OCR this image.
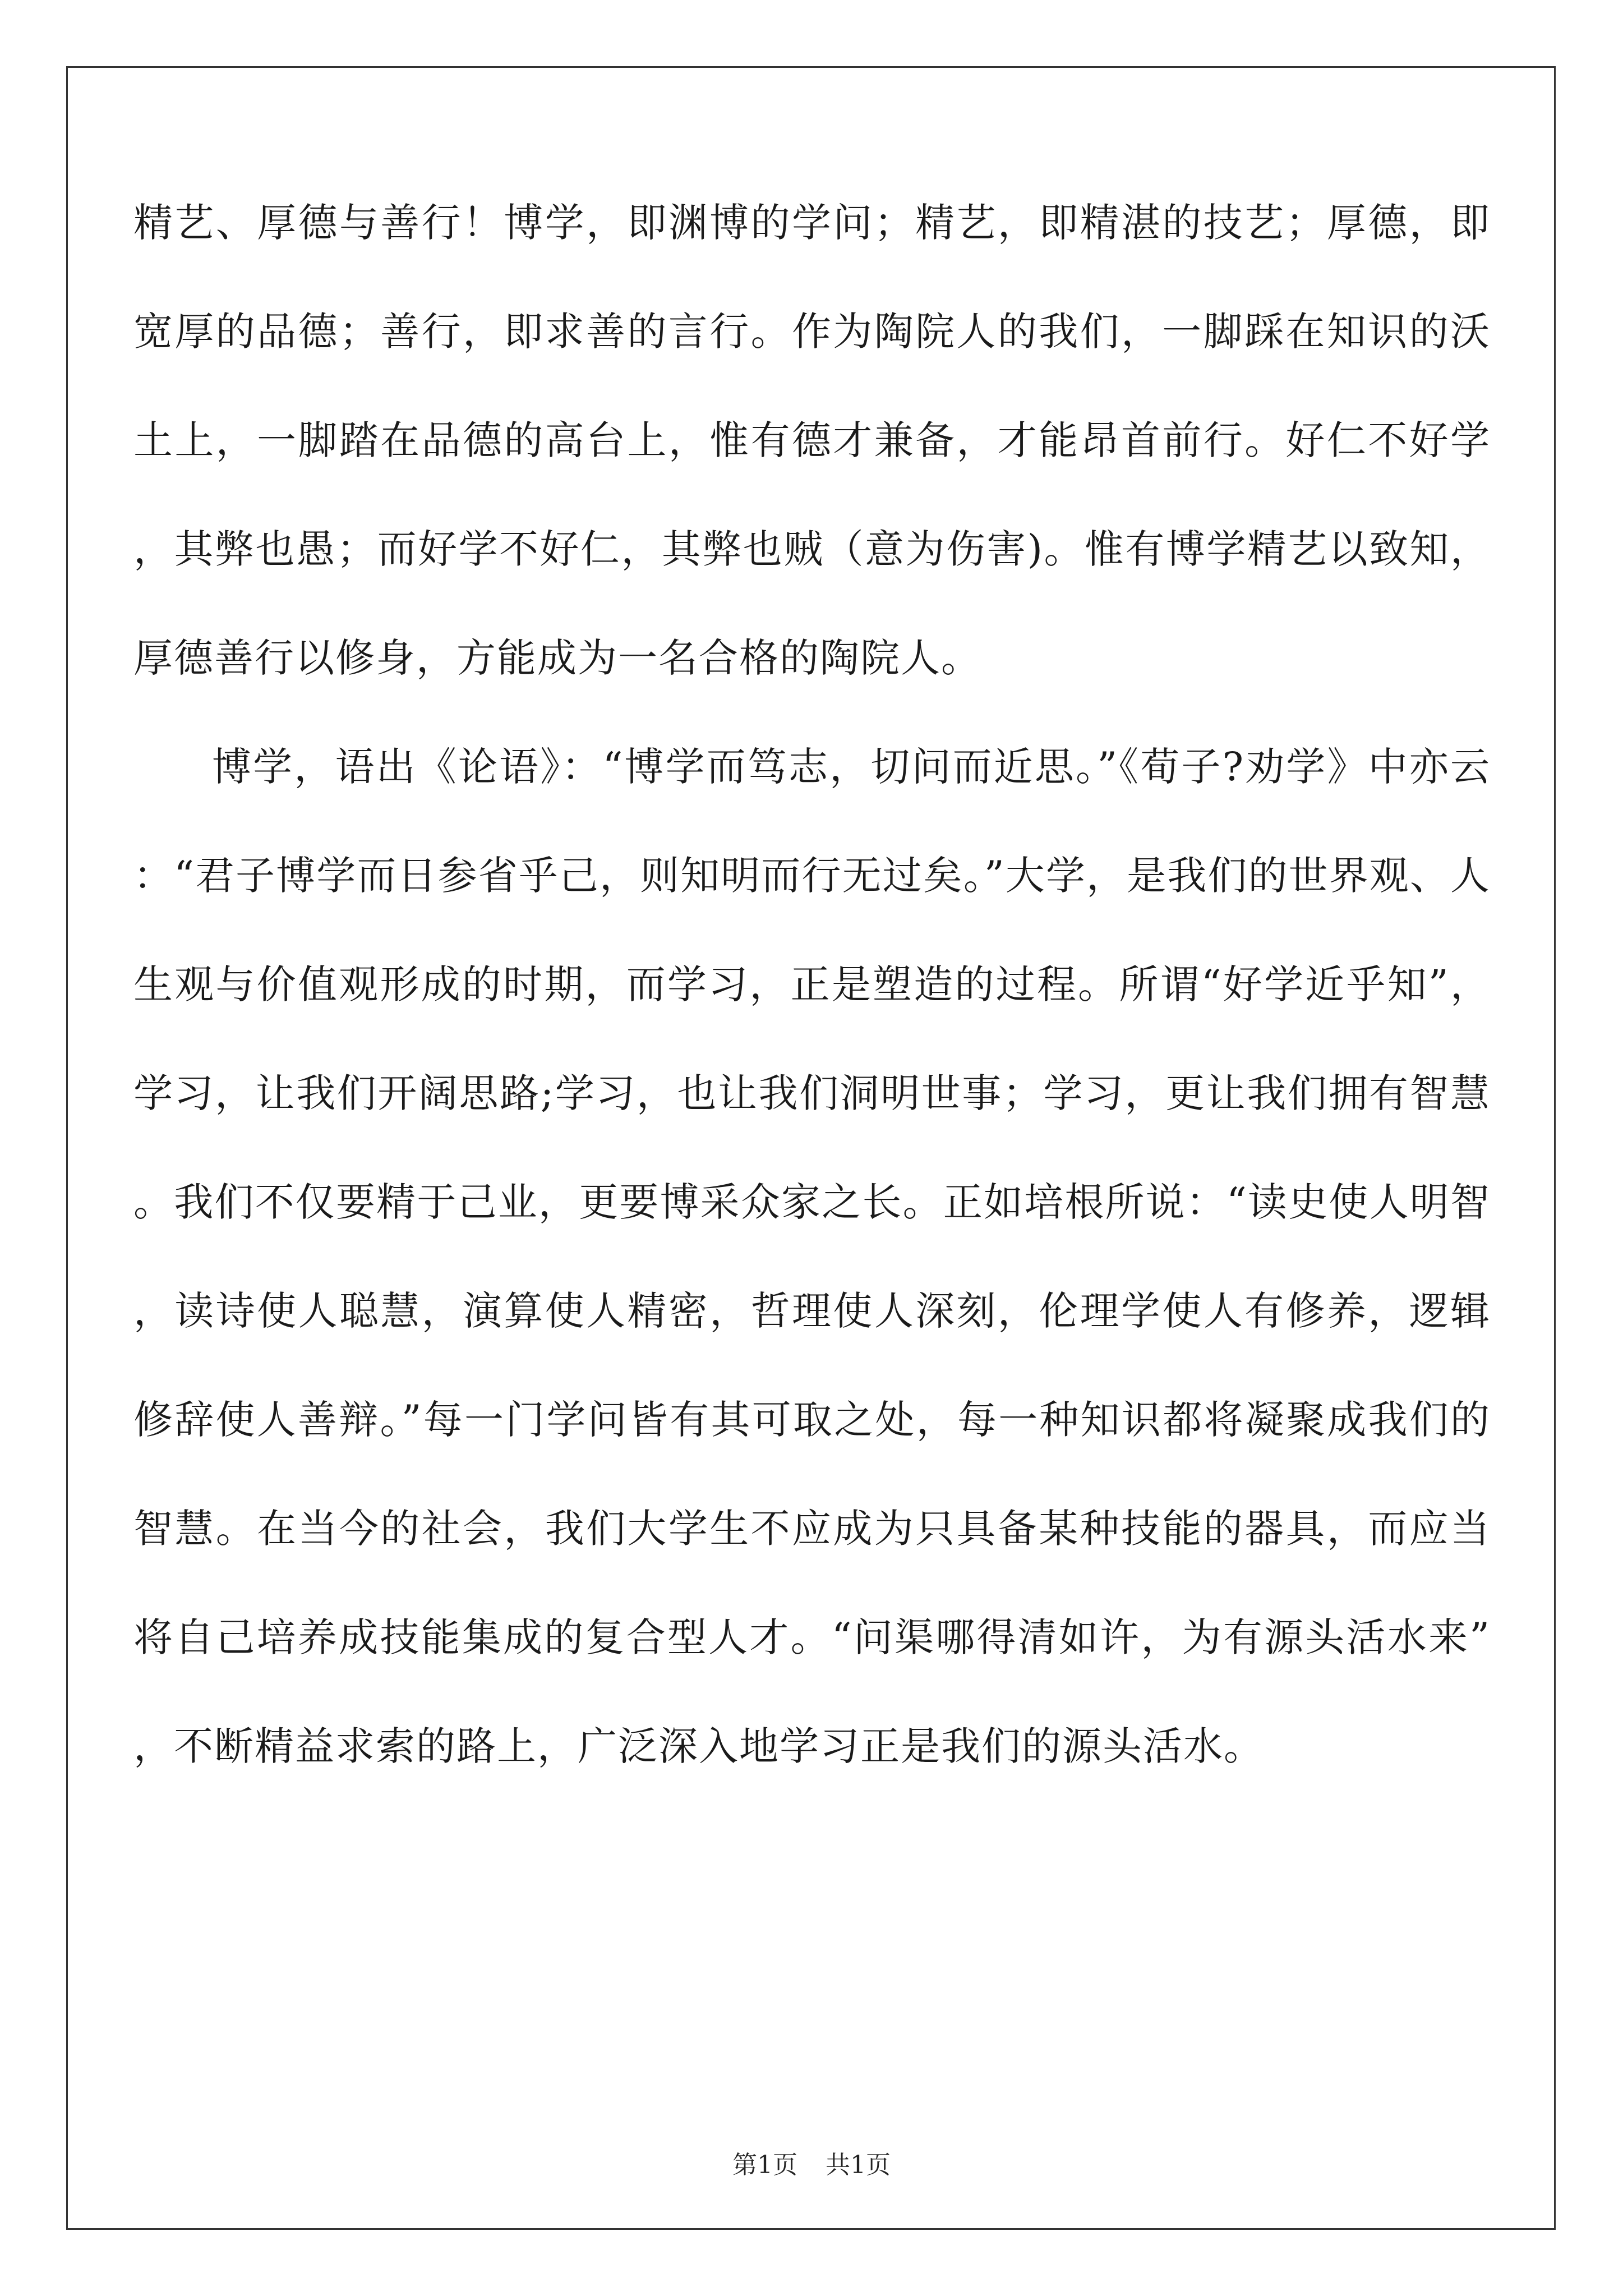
精艺、厚德与善行！博学，即渊博的学问；精艺，即精湛的技艺；厚德，即宽厚的品德；善行，即求善的言行。作为陶院人的我们，一脚踩在知识的沃土上，一脚踏在品德的高台上，惟有德才兼备，才能昂首前行。好仁不好学，其弊也愚；而好学不好仁，其弊也贼（意为伤害)。惟有博学精艺以致知，厚德善行以修身，方能成为一名合格的陶院人。

博学，语出《论语》：“博学而笃志，切问而近思。”《荀子?劝学》中亦云：“君子博学而日参省乎己，则知明而行无过矣。”大学，是我们的世界观、人生观与价值观形成的时期，而学习，正是塑造的过程。所谓“好学近乎知”，学习，让我们开阔思路;学习，也让我们洞明世事；学习，更让我们拥有智慧。我们不仅要精于己业，更要博采众家之长。正如培根所说：“读史使人明智，读诗使人聪慧，演算使人精密，哲理使人深刻，伦理学使人有修养，逻辑修辞使人善辩。”每一门学问皆有其可取之处，每一种知识都将凝聚成我们的智慧。在当今的社会，我们大学生不应成为只具备某种技能的器具，而应当将自己培养成技能集成的复合型人才。“问渠哪得清如许，为有源头活水来”，不断精益求索的路上，广泛深入地学习正是我们的源头活水。

第1页 共1页
